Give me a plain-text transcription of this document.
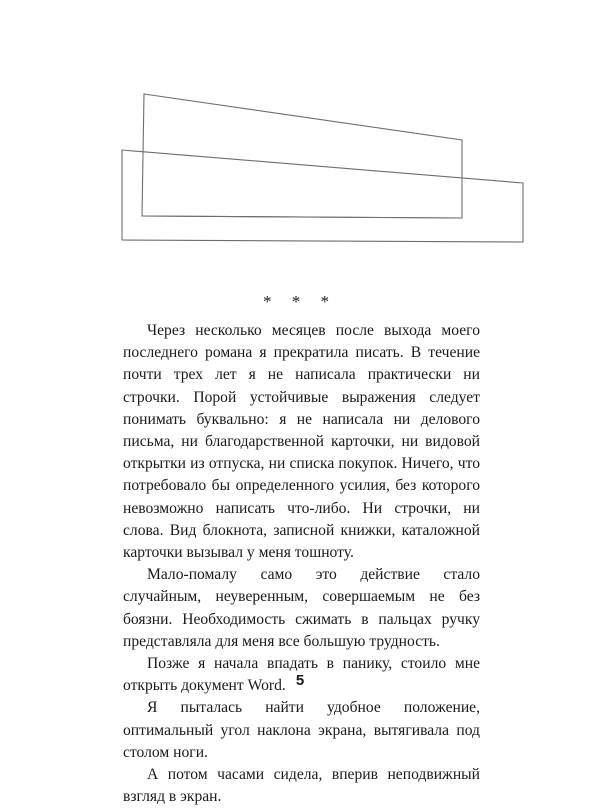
* * *

Через несколько месяцев после выхода моего последнего романа я прекратила писать. В течение почти трех лет я не написала практически ни строчки. Порой устойчивые выражения следует понимать буквально: я не написала ни делового письма, ни благодарственной карточки, ни видовой открытки из отпуска, ни списка покупок. Ничего, что потребовало бы определенного усилия, без которого невозможно написать что-либо. Ни строчки, ни слова. Вид блокнота, записной книжки, каталожной карточки вызывал у меня тошноту.

Мало-помалу само это действие стало случайным, неуверенным, совершаемым не без боязни. Необходимость сжимать в пальцах ручку представляла для меня все большую трудность.

Позже я начала впадать в панику, стоило мне открыть документ Word.

Я пыталась найти удобное положение, оптимальный угол наклона экрана, вытягивала под столом ноги.

А потом часами сидела, вперив неподвижный взгляд в экран.

5
